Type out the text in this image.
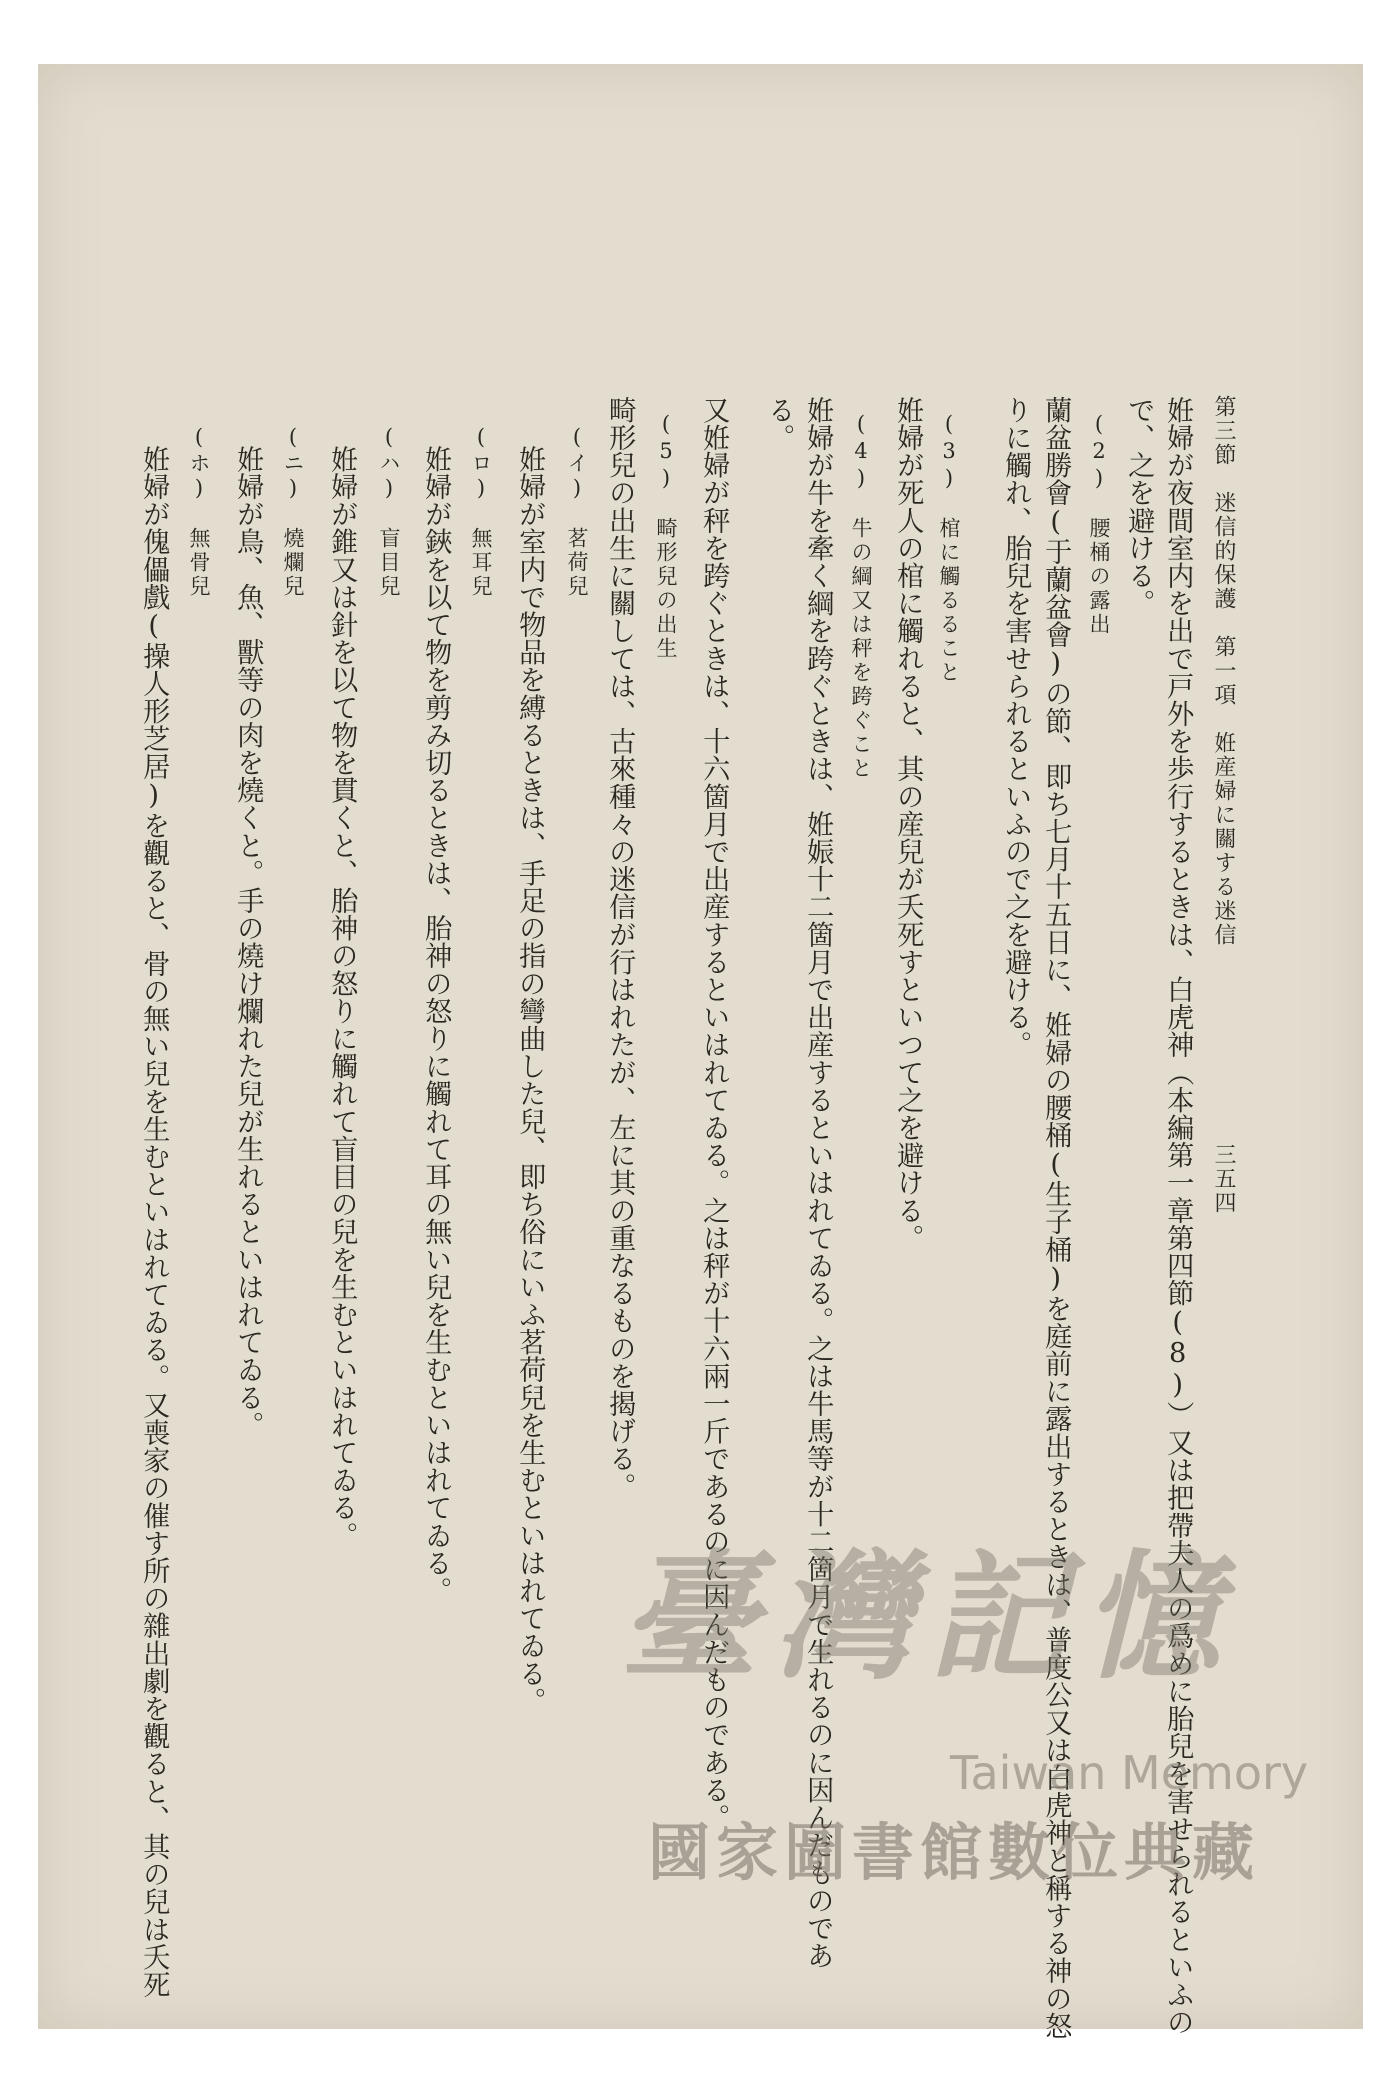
第三節　迷信的保護　第一項　姙産婦に關する迷信
三五四
姙婦が夜間室内を出で戸外を歩行するときは、白虎神（本編第一章第四節(8)）又は把帶夫人の爲めに胎兒を害せられるといふの
で、之を避ける。
(2)　腰桶の露出
蘭盆勝會(于蘭盆會)の節、即ち七月十五日に、姙婦の腰桶(生子桶)を庭前に露出するときは、普度公又は白虎神と稱する神の怒
りに觸れ、胎兒を害せられるといふので之を避ける。
(3)　棺に觸るること
姙婦が死人の棺に觸れると、其の産兒が夭死すといつて之を避ける。
(4)　牛の綱又は秤を跨ぐこと
姙婦が牛を牽く綱を跨ぐときは、姙娠十二箇月で出産するといはれてゐる。之は牛馬等が十二箇月で生れるのに因んだものであ
る。
又姙婦が秤を跨ぐときは、十六箇月で出産するといはれてゐる。之は秤が十六兩一斤であるのに因んだものである。
(5)　畸形兒の出生
畸形兒の出生に關しては、古來種々の迷信が行はれたが、左に其の重なるものを揭げる。
(イ)　茗荷兒
姙婦が室内で物品を縛るときは、手足の指の彎曲した兒、即ち俗にいふ茗荷兒を生むといはれてゐる。
(ロ)　無耳兒
姙婦が鋏を以て物を剪み切るときは、胎神の怒りに觸れて耳の無い兒を生むといはれてゐる。
(ハ)　盲目兒
姙婦が錐又は針を以て物を貫くと、胎神の怒りに觸れて盲目の兒を生むといはれてゐる。
(ニ)　燒爛兒
姙婦が鳥、魚、獸等の肉を燒くと。手の燒け爛れた兒が生れるといはれてゐる。
(ホ)　無骨兒
姙婦が傀儡戲(操人形芝居)を觀ると、骨の無い兒を生むといはれてゐる。又喪家の催す所の雜出劇を觀ると、其の兒は夭死	臺灣記憶
Taiwan Memory
國家圖書館數位典藏
